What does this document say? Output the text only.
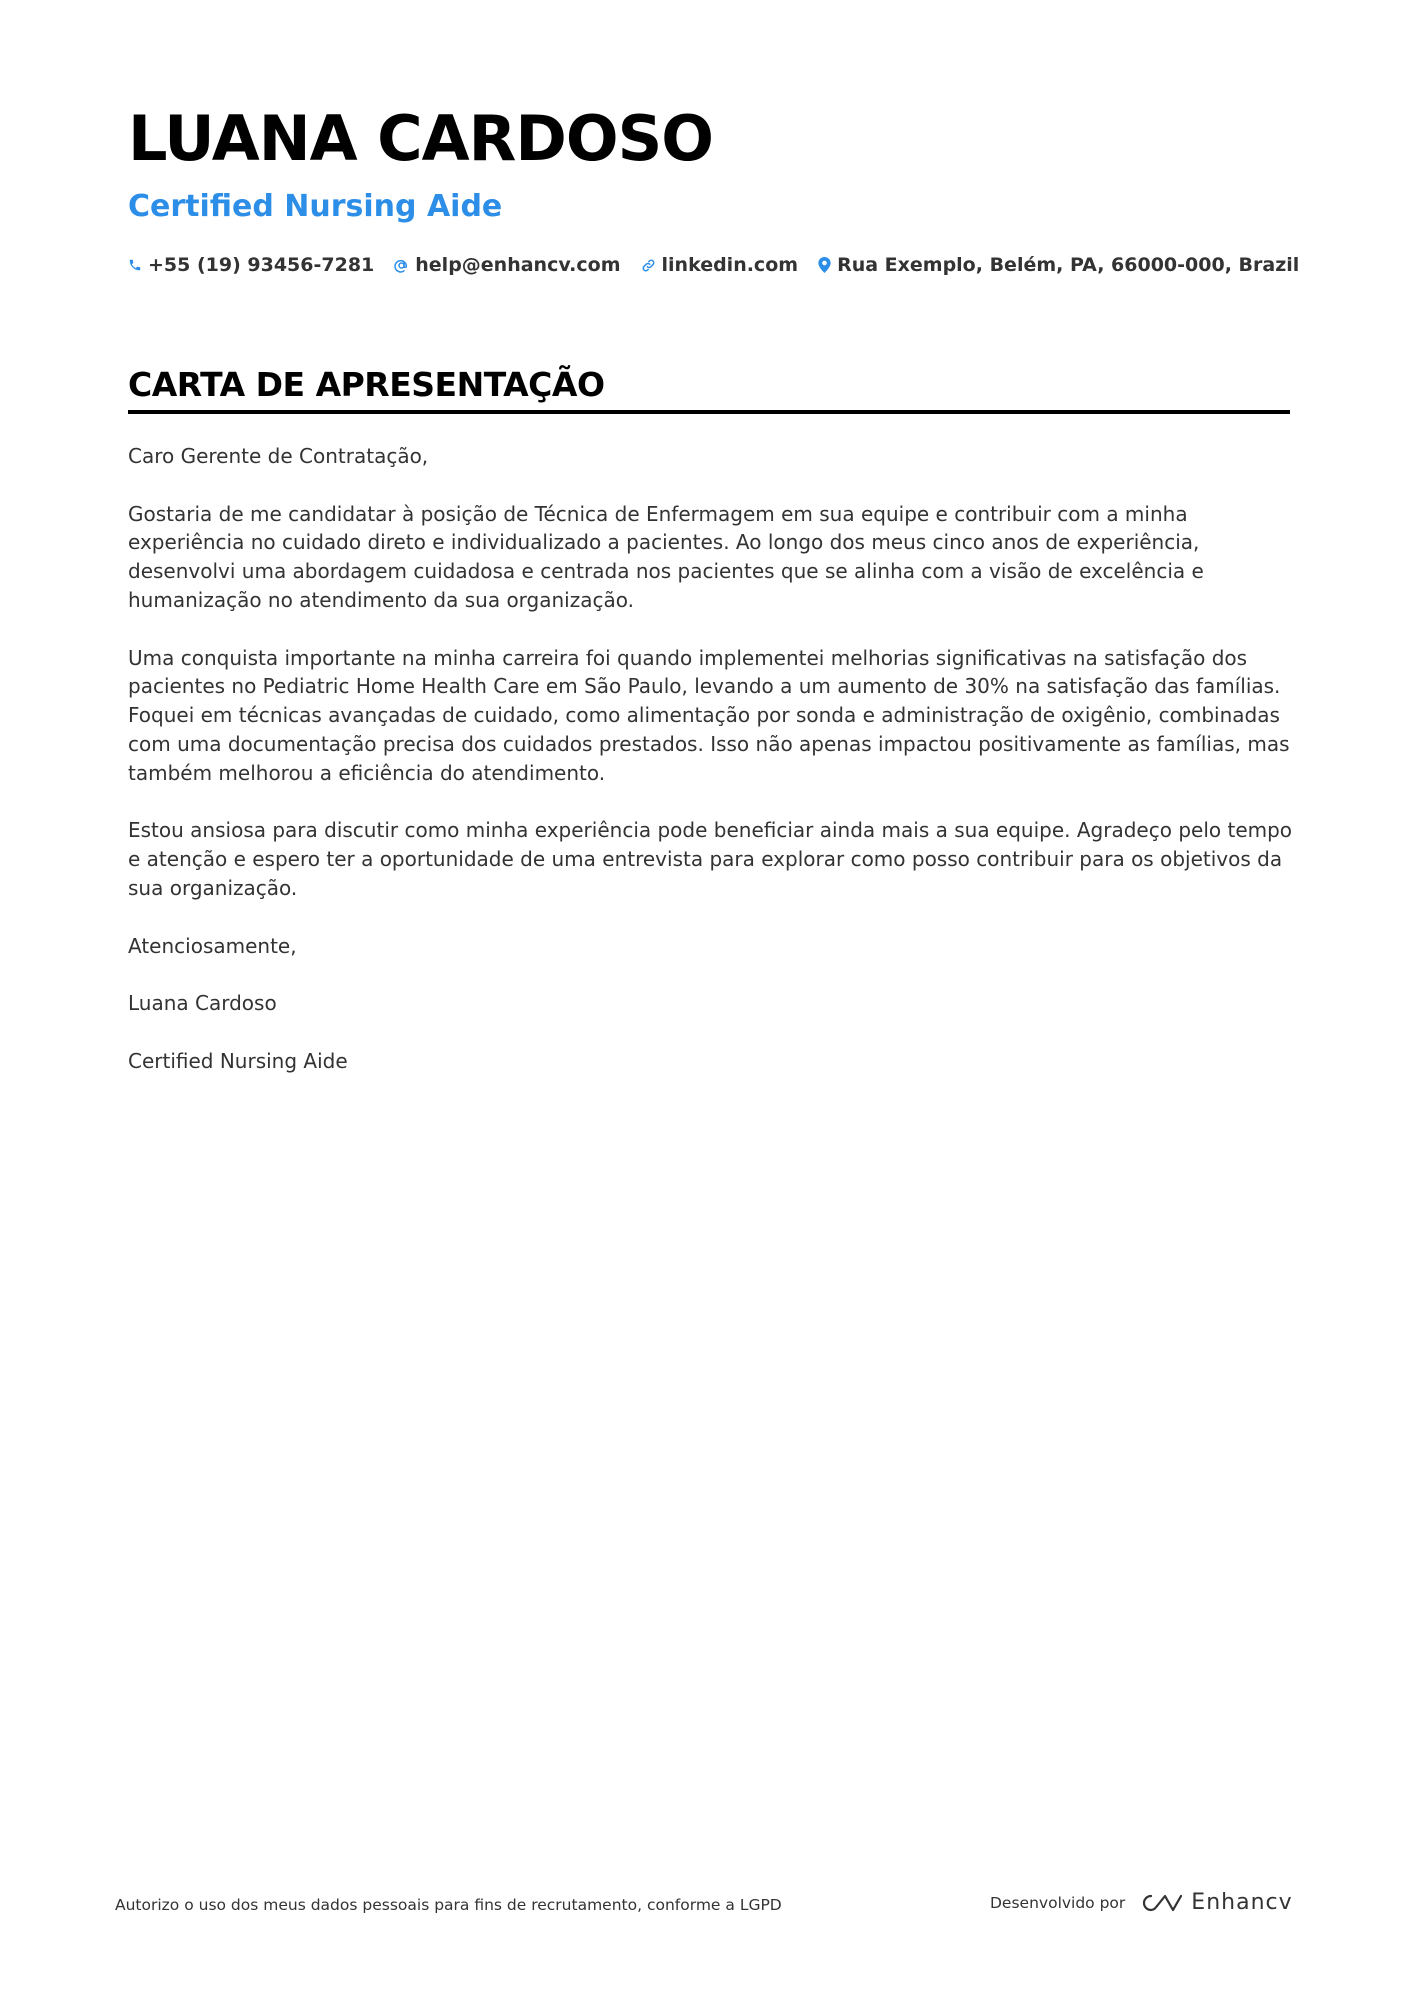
LUANA CARDOSO
Certified Nursing Aide
+55 (19) 93456-7281 help@enhancv.com linkedin.com Rua Exemplo, Belém, PA, 66000-000, Brazil
CARTA DE APRESENTAÇÃO

Caro Gerente de Contratação,

Gostaria de me candidatar à posição de Técnica de Enfermagem em sua equipe e contribuir com a minha experiência no cuidado direto e individualizado a pacientes. Ao longo dos meus cinco anos de experiência, desenvolvi uma abordagem cuidadosa e centrada nos pacientes que se alinha com a visão de excelência e humanização no atendimento da sua organização.

Uma conquista importante na minha carreira foi quando implementei melhorias significativas na satisfação dos pacientes no Pediatric Home Health Care em São Paulo, levando a um aumento de 30% na satisfação das famílias. Foquei em técnicas avançadas de cuidado, como alimentação por sonda e administração de oxigênio, combinadas com uma documentação precisa dos cuidados prestados. Isso não apenas impactou positivamente as famílias, mas também melhorou a eficiência do atendimento.

Estou ansiosa para discutir como minha experiência pode beneficiar ainda mais a sua equipe. Agradeço pelo tempo e atenção e espero ter a oportunidade de uma entrevista para explorar como posso contribuir para os objetivos da sua organização.

Atenciosamente,

Luana Cardoso

Certified Nursing Aide

Autorizo o uso dos meus dados pessoais para fins de recrutamento, conforme a LGPD	Desenvolvido por	Enhancv
